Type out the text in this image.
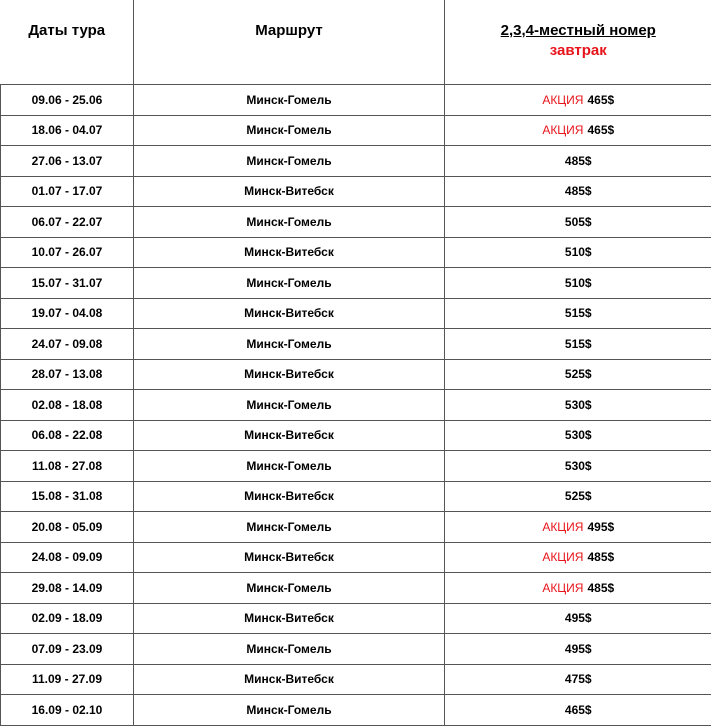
Даты тура	Маршрут	2,3,4-местный номер
завтрак

09.06 - 25.06	Минск-Гомель	АКЦИЯ 465$
18.06 - 04.07	Минск-Гомель	АКЦИЯ 465$
27.06 - 13.07	Минск-Гомель	485$
01.07 - 17.07	Минск-Витебск	485$
06.07 - 22.07	Минск-Гомель	505$
10.07 - 26.07	Минск-Витебск	510$
15.07 - 31.07	Минск-Гомель	510$
19.07 - 04.08	Минск-Витебск	515$
24.07 - 09.08	Минск-Гомель	515$
28.07 - 13.08	Минск-Витебск	525$
02.08 - 18.08	Минск-Гомель	530$
06.08 - 22.08	Минск-Витебск	530$
11.08 - 27.08	Минск-Гомель	530$
15.08 - 31.08	Минск-Витебск	525$
20.08 - 05.09	Минск-Гомель	АКЦИЯ 495$
24.08 - 09.09	Минск-Витебск	АКЦИЯ 485$
29.08 - 14.09	Минск-Гомель	АКЦИЯ 485$
02.09 - 18.09	Минск-Витебск	495$
07.09 - 23.09	Минск-Гомель	495$
11.09 - 27.09	Минск-Витебск	475$
16.09 - 02.10	Минск-Гомель	465$
